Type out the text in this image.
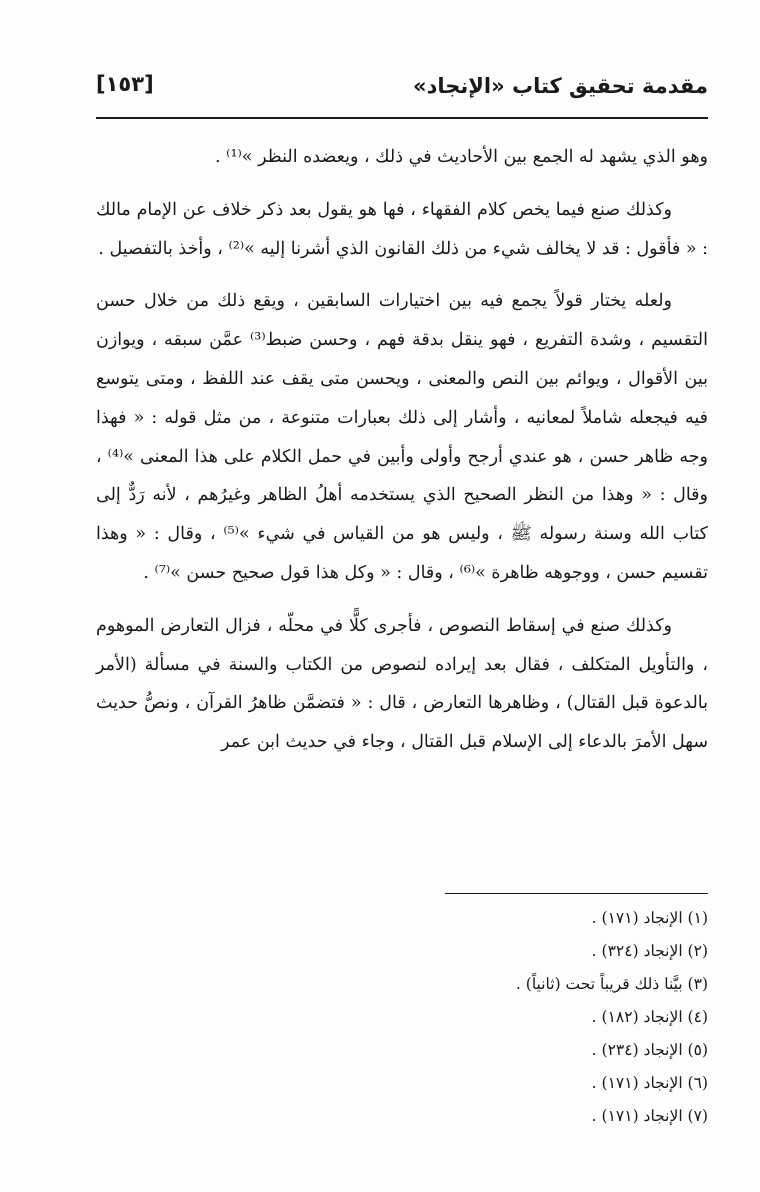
مقدمة تحقيق كتاب «الإنجاد»
[١٥٣]

وهو الذي يشهد له الجمع بين الأحاديث في ذلك ، ويعضده النظر »⁽¹⁾ .

وكذلك صنع فيما يخص كلام الفقهاء ، فها هو يقول بعد ذكر خلاف عن الإمام مالك : « فأقول : قد لا يخالف شيء من ذلك القانون الذي أشرنا إليه »⁽²⁾ ، وأخذ بالتفصيل .

ولعله يختار قولاً يجمع فيه بين اختيارات السابقين ، ويقع ذلك من خلال حسن التقسيم ، وشدة التفريع ، فهو ينقل بدقة فهم ، وحسن ضبط⁽³⁾ عمَّن سبقه ، ويوازن بين الأقوال ، ويوائم بين النص والمعنى ، ويحسن متى يقف عند اللفظ ، ومتى يتوسع فيه فيجعله شاملاً لمعانيه ، وأشار إلى ذلك بعبارات متنوعة ، من مثل قوله : « فهذا وجه ظاهر حسن ، هو عندي أرجح وأولى وأبين في حمل الكلام على هذا المعنى »⁽⁴⁾ ، وقال : « وهذا من النظر الصحيح الذي يستخدمه أهلُ الظاهر وغيرُهم ، لأنه رَدٌّ إلى كتاب الله وسنة رسوله ﷺ ، وليس هو من القياس في شيء »⁽⁵⁾ ، وقال : « وهذا تقسيم حسن ، ووجوهه ظاهرة »⁽⁶⁾ ، وقال : « وكل هذا قول صحيح حسن »⁽⁷⁾ .

وكذلك صنع في إسقاط النصوص ، فأجرى كلًّا في محلّه ، فزال التعارض الموهوم ، والتأويل المتكلف ، فقال بعد إيراده لنصوص من الكتاب والسنة في مسألة (الأمر بالدعوة قبل القتال) ، وظاهرها التعارض ، قال : « فتضمَّن ظاهرُ القرآن ، ونصُّ حديث سهل الأمرَ بالدعاء إلى الإسلام قبل القتال ، وجاء في حديث ابن عمر

(١) الإنجاد (١٧١) .
(٢) الإنجاد (٣٢٤) .
(٣) بيَّنا ذلك قريباً تحت (ثانياً) .
(٤) الإنجاد (١٨٢) .
(٥) الإنجاد (٢٣٤) .
(٦) الإنجاد (١٧١) .
(٧) الإنجاد (١٧١) .
